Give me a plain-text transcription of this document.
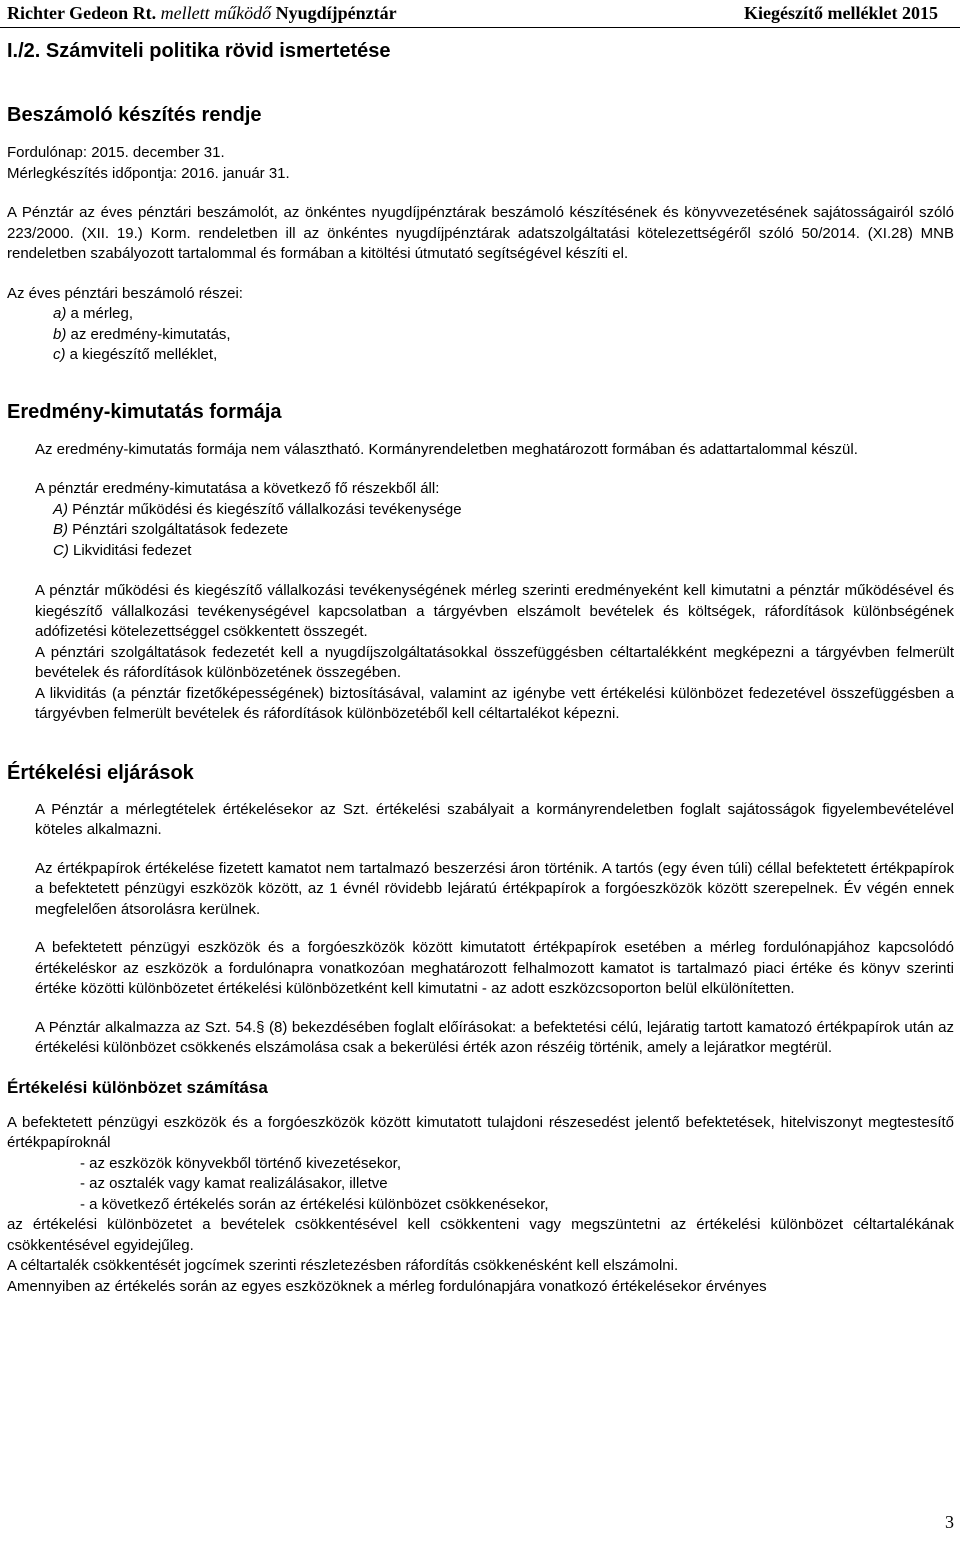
Richter Gedeon Rt. mellett működő Nyugdíjpénztár	Kiegészítő melléklet 2015
I./2. Számviteli politika rövid ismertetése
Beszámoló készítés rendje
Fordulónap: 2015. december 31.
Mérlegkészítés időpontja: 2016. január 31.

A Pénztár az éves pénztári beszámolót, az önkéntes nyugdíjpénztárak beszámoló készítésének és könyvvezetésének sajátosságairól szóló 223/2000. (XII. 19.) Korm. rendeletben ill az önkéntes nyugdíjpénztárak adatszolgáltatási kötelezettségéről szóló 50/2014. (XI.28) MNB rendeletben szabályozott tartalommal és formában a kitöltési útmutató segítségével készíti el.

Az éves pénztári beszámoló részei:
a) a mérleg,
b) az eredmény-kimutatás,
c) a kiegészítő melléklet,
Eredmény-kimutatás formája

Az eredmény-kimutatás formája nem választható. Kormányrendeletben meghatározott formában és adattartalommal készül.

A pénztár eredmény-kimutatása a következő fő részekből áll:
A) Pénztár működési és kiegészítő vállalkozási tevékenysége
B) Pénztári szolgáltatások fedezete
C) Likviditási fedezet

A pénztár működési és kiegészítő vállalkozási tevékenységének mérleg szerinti eredményeként kell kimutatni a pénztár működésével és kiegészítő vállalkozási tevékenységével kapcsolatban a tárgyévben elszámolt bevételek és költségek, ráfordítások különbségének adófizetési kötelezettséggel csökkentett összegét.

A pénztári szolgáltatások fedezetét kell a nyugdíjszolgáltatásokkal összefüggésben céltartalékként megképezni a tárgyévben felmerült bevételek és ráfordítások különbözetének összegében.

A likviditás (a pénztár fizetőképességének) biztosításával, valamint az igénybe vett értékelési különbözet fedezetével összefüggésben a tárgyévben felmerült bevételek és ráfordítások különbözetéből kell céltartalékot képezni.

Értékelési eljárások

A Pénztár a mérlegtételek értékelésekor az Szt. értékelési szabályait a kormányrendeletben foglalt sajátosságok figyelembevételével köteles alkalmazni.

Az értékpapírok értékelése fizetett kamatot nem tartalmazó beszerzési áron történik. A tartós (egy éven túli) céllal befektetett értékpapírok a befektetett pénzügyi eszközök között, az 1 évnél rövidebb lejáratú értékpapírok a forgóeszközök között szerepelnek. Év végén ennek megfelelően átsorolásra kerülnek.

A befektetett pénzügyi eszközök és a forgóeszközök között kimutatott értékpapírok esetében a mérleg fordulónapjához kapcsolódó értékeléskor az eszközök a fordulónapra vonatkozóan meghatározott felhalmozott kamatot is tartalmazó piaci értéke és könyv szerinti értéke közötti különbözetet értékelési különbözetként kell kimutatni - az adott eszközcsoporton belül elkülönítetten.

A Pénztár alkalmazza az Szt. 54.§ (8) bekezdésében foglalt előírásokat: a befektetési célú, lejáratig tartott kamatozó értékpapírok után az értékelési különbözet csökkenés elszámolása csak a bekerülési érték azon részéig történik, amely a lejáratkor megtérül.

Értékelési különbözet számítása

A befektetett pénzügyi eszközök és a forgóeszközök között kimutatott tulajdoni részesedést jelentő befektetések, hitelviszonyt megtestesítő értékpapíroknál

- az eszközök könyvekből történő kivezetésekor,
- az osztalék vagy kamat realizálásakor, illetve
- a következő értékelés során az értékelési különbözet csökkenésekor,

az értékelési különbözetet a bevételek csökkentésével kell csökkenteni vagy megszüntetni az értékelési különbözet céltartalékának csökkentésével egyidejűleg.

A céltartalék csökkentését jogcímek szerinti részletezésben ráfordítás csökkenésként kell elszámolni.

Amennyiben az értékelés során az egyes eszközöknek a mérleg fordulónapjára vonatkozó értékelésekor érvényes

3
